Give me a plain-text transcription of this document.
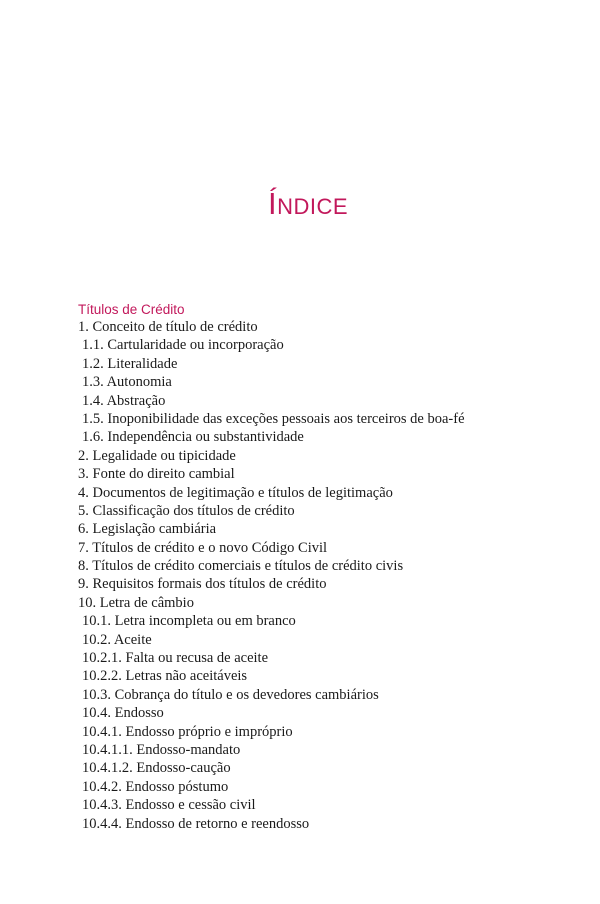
ÍNDICE
Títulos de Crédito
1. Conceito de título de crédito
1.1. Cartularidade ou incorporação
1.2. Literalidade
1.3. Autonomia
1.4. Abstração
1.5. Inoponibilidade das exceções pessoais aos terceiros de boa-fé
1.6. Independência ou substantividade
2. Legalidade ou tipicidade
3. Fonte do direito cambial
4. Documentos de legitimação e títulos de legitimação
5. Classificação dos títulos de crédito
6. Legislação cambiária
7. Títulos de crédito e o novo Código Civil
8. Títulos de crédito comerciais e títulos de crédito civis
9. Requisitos formais dos títulos de crédito
10. Letra de câmbio
10.1. Letra incompleta ou em branco
10.2. Aceite
10.2.1. Falta ou recusa de aceite
10.2.2. Letras não aceitáveis
10.3. Cobrança do título e os devedores cambiários
10.4. Endosso
10.4.1. Endosso próprio e impróprio
10.4.1.1. Endosso-mandato
10.4.1.2. Endosso-caução
10.4.2. Endosso póstumo
10.4.3. Endosso e cessão civil
10.4.4. Endosso de retorno e reendosso
